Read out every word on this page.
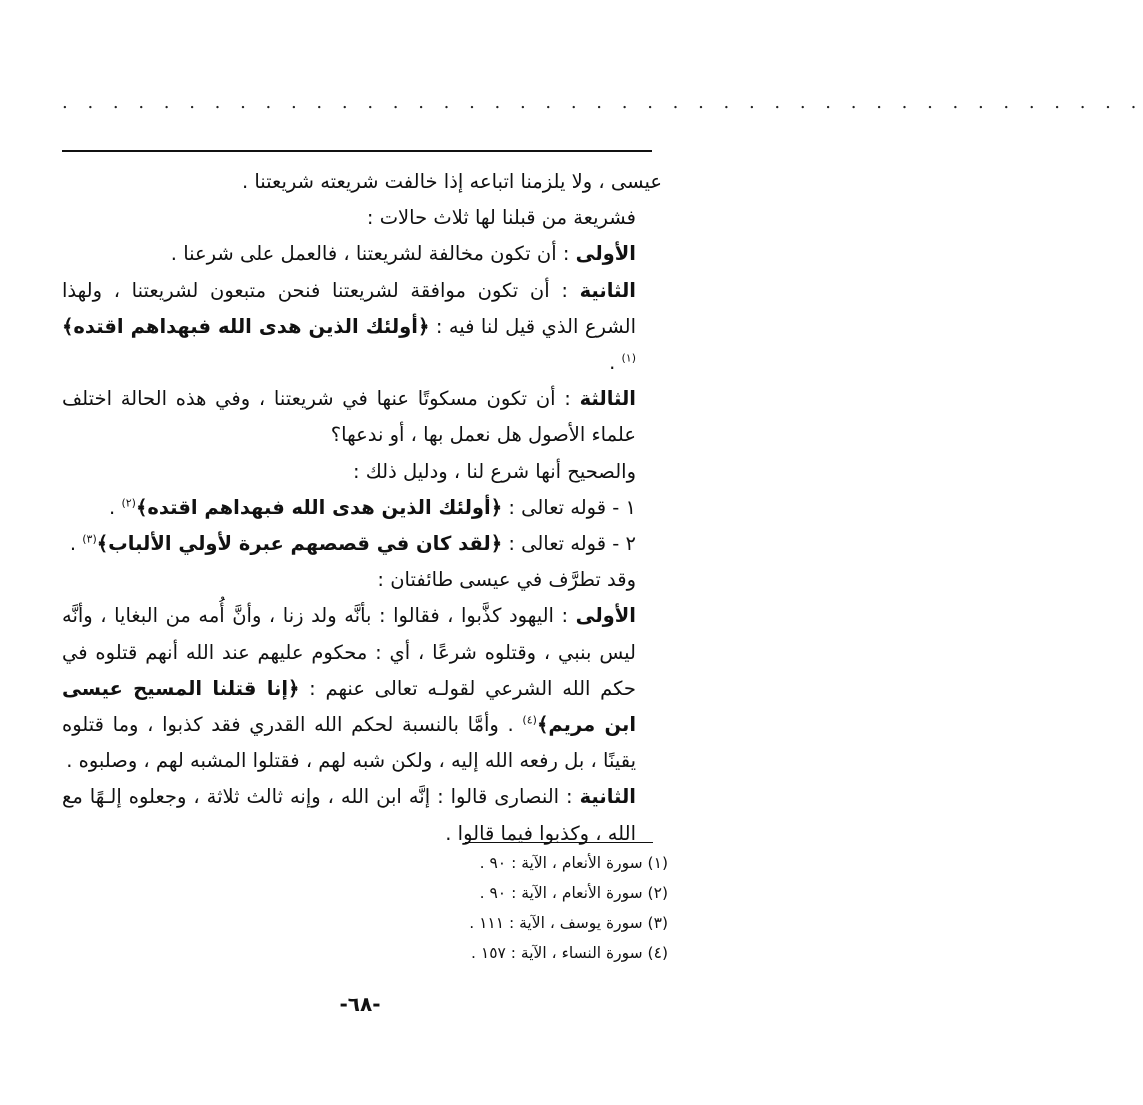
. . . . . . . . . . . . . . . . . . . . . . . . . . . . . . . . . . . . . . . . . . .

عيسى ، ولا يلزمنا اتباعه إذا خالفت شريعته شريعتنا .

فشريعة من قبلنا لها ثلاث حالات :

الأولى : أن تكون مخالفة لشريعتنا ، فالعمل على شرعنا .

الثانية : أن تكون موافقة لشريعتنا فنحن متبعون لشريعتنا ، ولهذا الشرع الذي قيل لنا فيه : ﴿أولئك الذين هدى الله فبهداهم اقتده﴾$^{(١)}$ .

الثالثة : أن تكون مسكوتًا عنها في شريعتنا ، وفي هذه الحالة اختلف علماء الأصول هل نعمل بها ، أو ندعها؟

والصحيح أنها شرع لنا ، ودليل ذلك :

١ - قوله تعالى : ﴿أولئك الذين هدى الله فبهداهم اقتده﴾$^{(٢)}$ .

٢ - قوله تعالى : ﴿لقد كان في قصصهم عبرة لأولي الألباب﴾$^{(٣)}$ .

وقد تطرَّف في عيسى طائفتان :

الأولى : اليهود كذَّبوا ، فقالوا : بأنَّه ولد زنا ، وأنَّ أُمه من البغايا ، وأنَّه ليس بنبي ، وقتلوه شرعًا ، أي : محكوم عليهم عند الله أنهم قتلوه في حكم الله الشرعي لقولـه تعالى عنهم : ﴿إنا قتلنا المسيح عيسى ابن مريم﴾$^{(٤)}$ . وأمَّا بالنسبة لحكم الله القدري فقد كذبوا ، وما قتلوه يقينًا ، بل رفعه الله إليه ، ولكن شبه لهم ، فقتلوا المشبه لهم ، وصلبوه .

الثانية : النصارى قالوا : إنَّه ابن الله ، وإنه ثالث ثلاثة ، وجعلوه إلـهًا مع الله ، وكذبوا فيما قالوا .

(١) سورة الأنعام ، الآية : ٩٠ .

(٢) سورة الأنعام ، الآية : ٩٠ .

(٣) سورة يوسف ، الآية : ١١١ .

(٤) سورة النساء ، الآية : ١٥٧ .

-٦٨-
